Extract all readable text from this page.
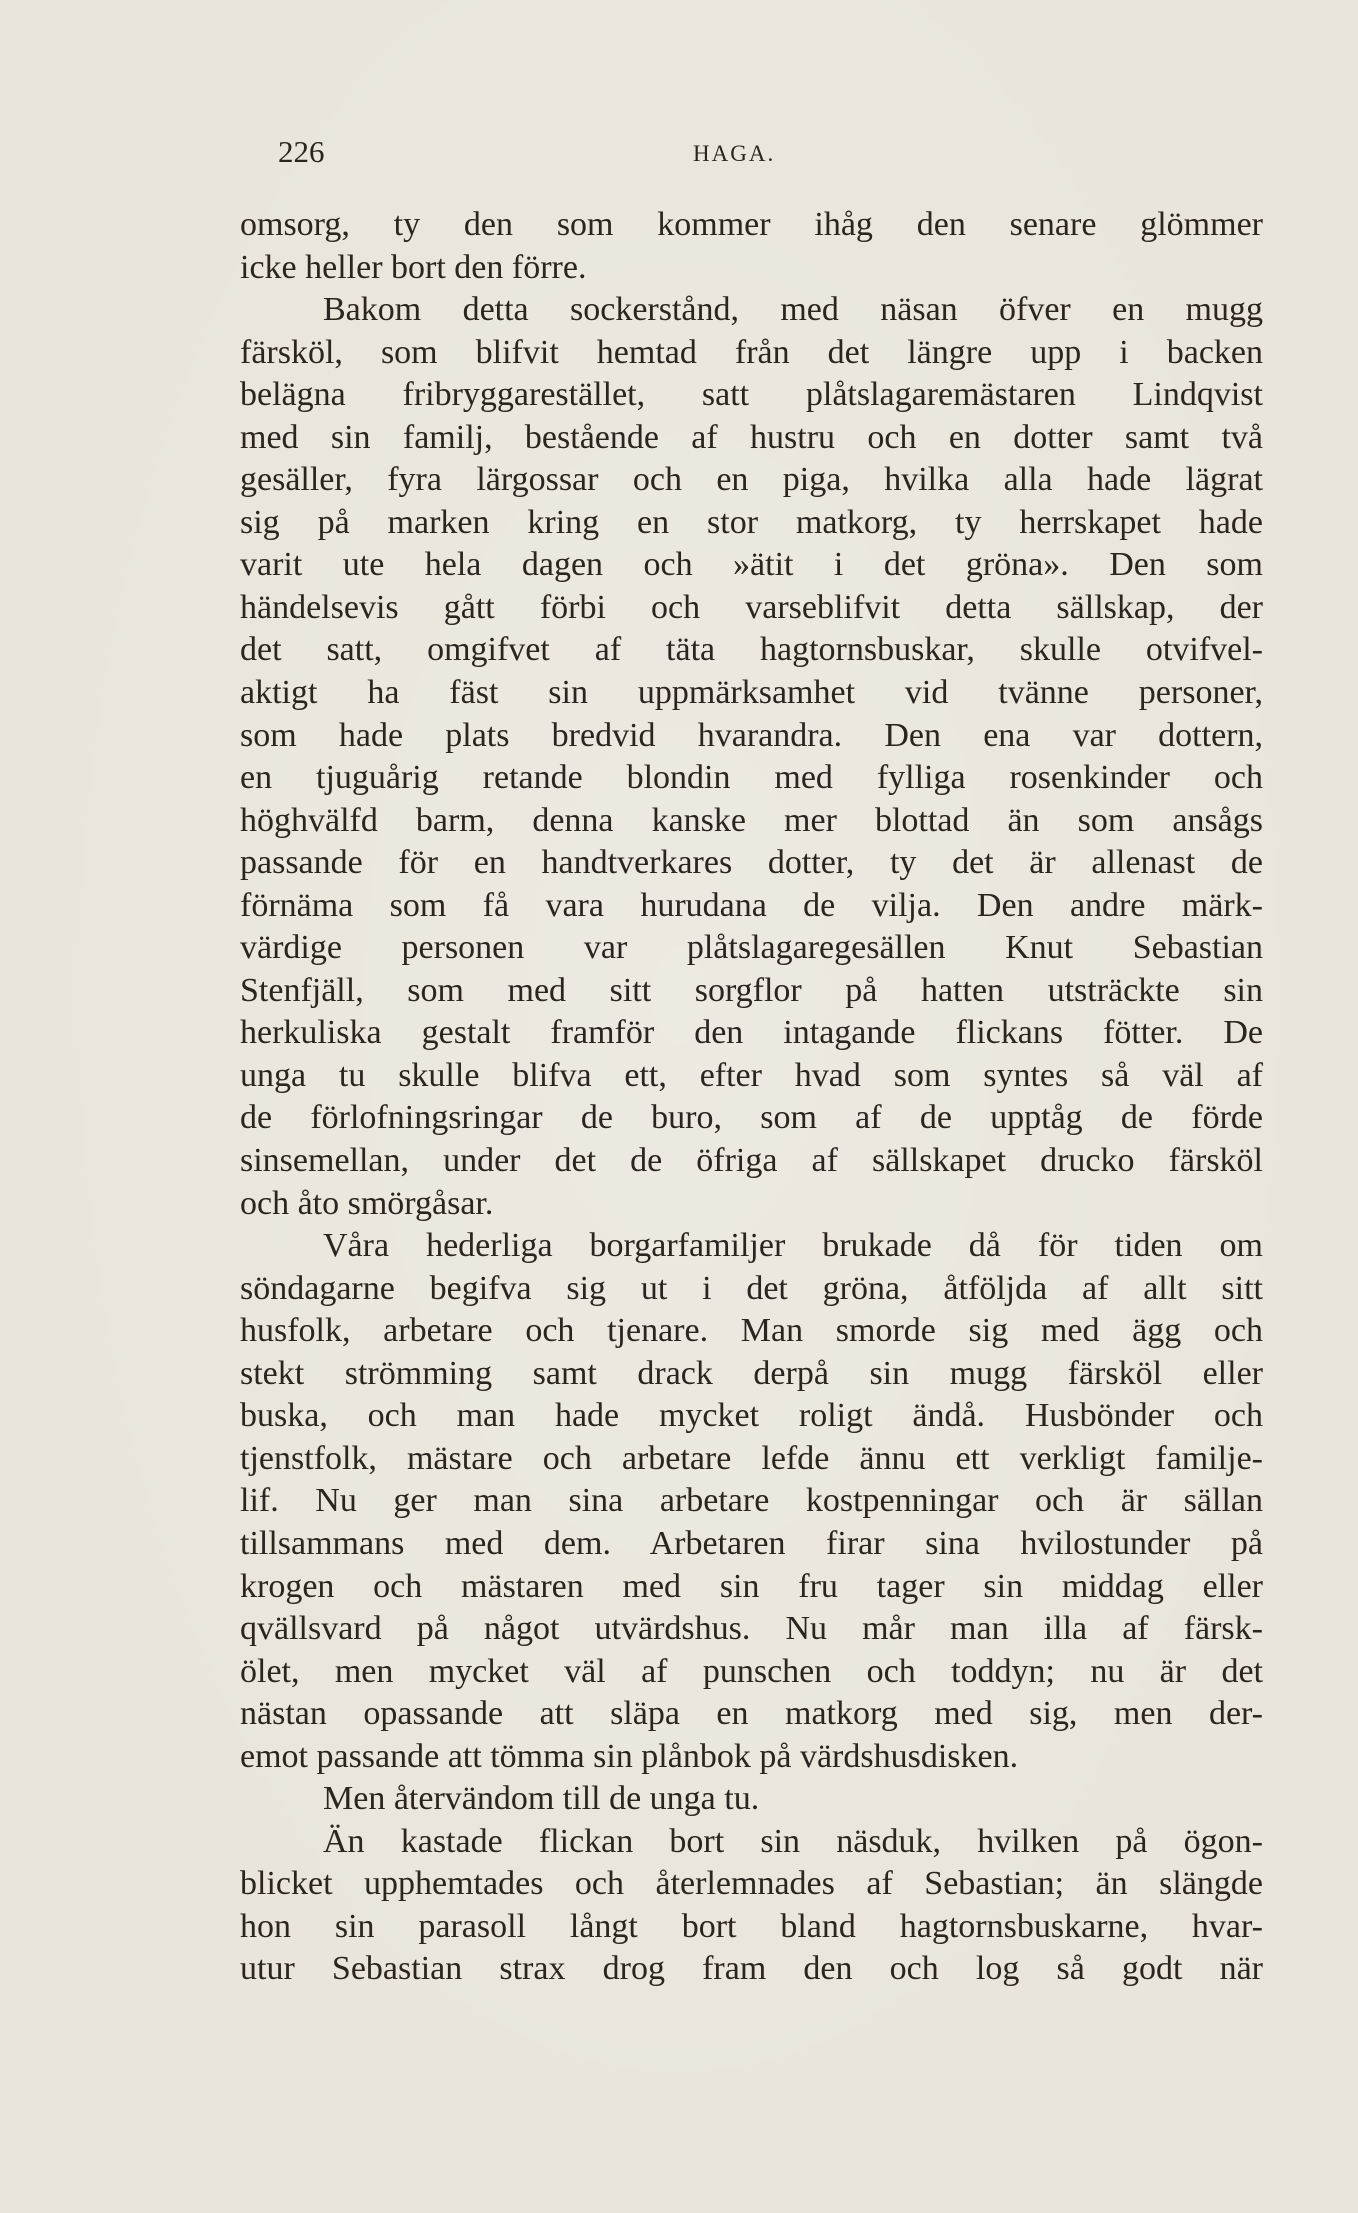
226	HAGA.
omsorg, ty den som kommer ihåg den senare glömmer
icke heller bort den förre.
Bakom detta sockerstånd, med näsan öfver en mugg
färsköl, som blifvit hemtad från det längre upp i backen
belägna fribryggarestället, satt plåtslagaremästaren Lindqvist
med sin familj, bestående af hustru och en dotter samt två
gesäller, fyra lärgossar och en piga, hvilka alla hade lägrat
sig på marken kring en stor matkorg, ty herrskapet hade
varit ute hela dagen och »ätit i det gröna». Den som
händelsevis gått förbi och varseblifvit detta sällskap, der
det satt, omgifvet af täta hagtornsbuskar, skulle otvifvel-
aktigt ha fäst sin uppmärksamhet vid tvänne personer,
som hade plats bredvid hvarandra. Den ena var dottern,
en tjuguårig retande blondin med fylliga rosenkinder och
höghvälfd barm, denna kanske mer blottad än som ansågs
passande för en handtverkares dotter, ty det är allenast de
förnäma som få vara hurudana de vilja. Den andre märk-
värdige personen var plåtslagaregesällen Knut Sebastian
Stenfjäll, som med sitt sorgflor på hatten utsträckte sin
herkuliska gestalt framför den intagande flickans fötter. De
unga tu skulle blifva ett, efter hvad som syntes så väl af
de förlofningsringar de buro, som af de upptåg de förde
sinsemellan, under det de öfriga af sällskapet drucko färsköl
och åto smörgåsar.
Våra hederliga borgarfamiljer brukade då för tiden om
söndagarne begifva sig ut i det gröna, åtföljda af allt sitt
husfolk, arbetare och tjenare. Man smorde sig med ägg och
stekt strömming samt drack derpå sin mugg färsköl eller
buska, och man hade mycket roligt ändå. Husbönder och
tjenstfolk, mästare och arbetare lefde ännu ett verkligt familje-
lif. Nu ger man sina arbetare kostpenningar och är sällan
tillsammans med dem. Arbetaren firar sina hvilostunder på
krogen och mästaren med sin fru tager sin middag eller
qvällsvard på något utvärdshus. Nu mår man illa af färsk-
ölet, men mycket väl af punschen och toddyn; nu är det
nästan opassande att släpa en matkorg med sig, men der-
emot passande att tömma sin plånbok på värdshusdisken.
Men återvändom till de unga tu.
Än kastade flickan bort sin näsduk, hvilken på ögon-
blicket upphemtades och återlemnades af Sebastian; än slängde
hon sin parasoll långt bort bland hagtornsbuskarne, hvar-
utur Sebastian strax drog fram den och log så godt när
